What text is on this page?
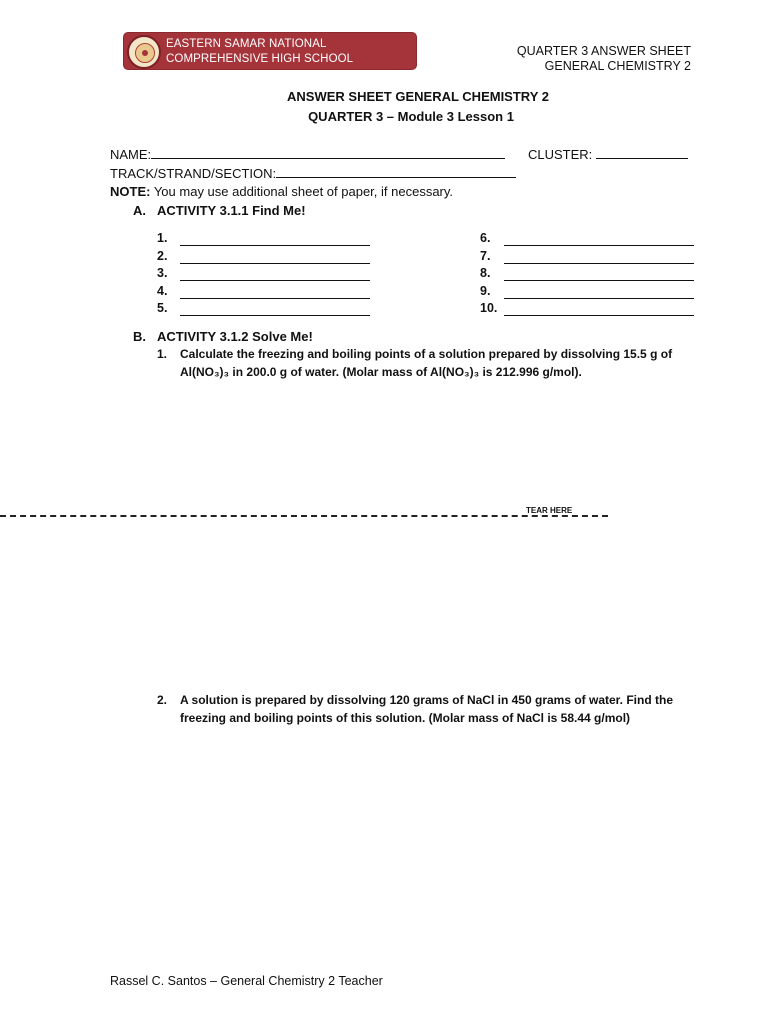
EASTERN SAMAR NATIONAL COMPREHENSIVE HIGH SCHOOL
QUARTER 3 ANSWER SHEET
GENERAL CHEMISTRY 2
ANSWER SHEET GENERAL CHEMISTRY 2
QUARTER 3 – Module 3 Lesson 1
NAME:	CLUSTER:
TRACK/STRAND/SECTION:
NOTE: You may use additional sheet of paper, if necessary.
A. ACTIVITY 3.1.1 Find Me!
1.
2.
3.
4.
5.
6.
7.
8.
9.
10.
B. ACTIVITY 3.1.2 Solve Me!
1. Calculate the freezing and boiling points of a solution prepared by dissolving 15.5 g of
Al(NO₃)₃ in 200.0 g of water. (Molar mass of Al(NO₃)₃ is 212.996 g/mol).
TEAR HERE
2. A solution is prepared by dissolving 120 grams of NaCl in 450 grams of water. Find the
freezing and boiling points of this solution. (Molar mass of NaCl is 58.44 g/mol)
Rassel C. Santos – General Chemistry 2 Teacher
